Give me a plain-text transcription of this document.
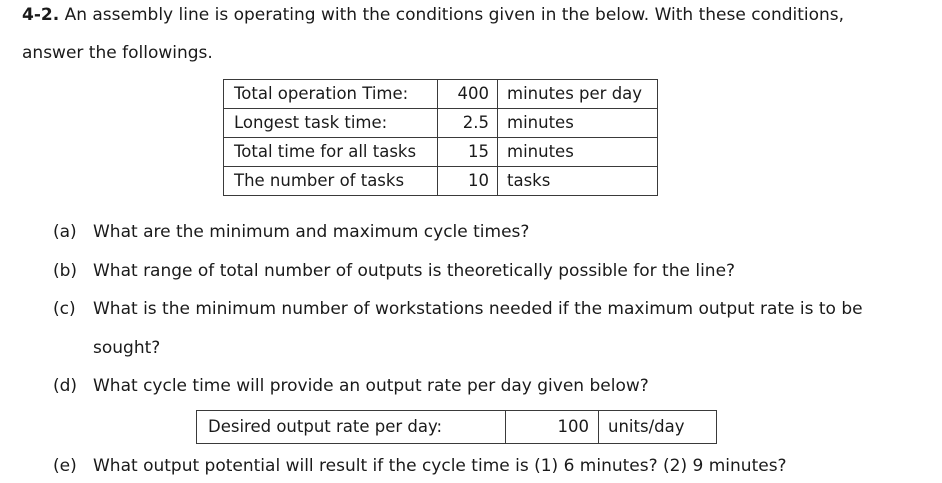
4-2. An assembly line is operating with the conditions given in the below. With these conditions,
answer the followings.
Total operation Time:	400	minutes per day
Longest task time:	2.5	minutes
Total time for all tasks	15	minutes
The number of tasks	10	tasks
(a) What are the minimum and maximum cycle times?
(b) What range of total number of outputs is theoretically possible for the line?
(c) What is the minimum number of workstations needed if the maximum output rate is to be
sought?
(d) What cycle time will provide an output rate per day given below?
Desired output rate per day:	100	units/day
(e) What output potential will result if the cycle time is (1) 6 minutes? (2) 9 minutes?
